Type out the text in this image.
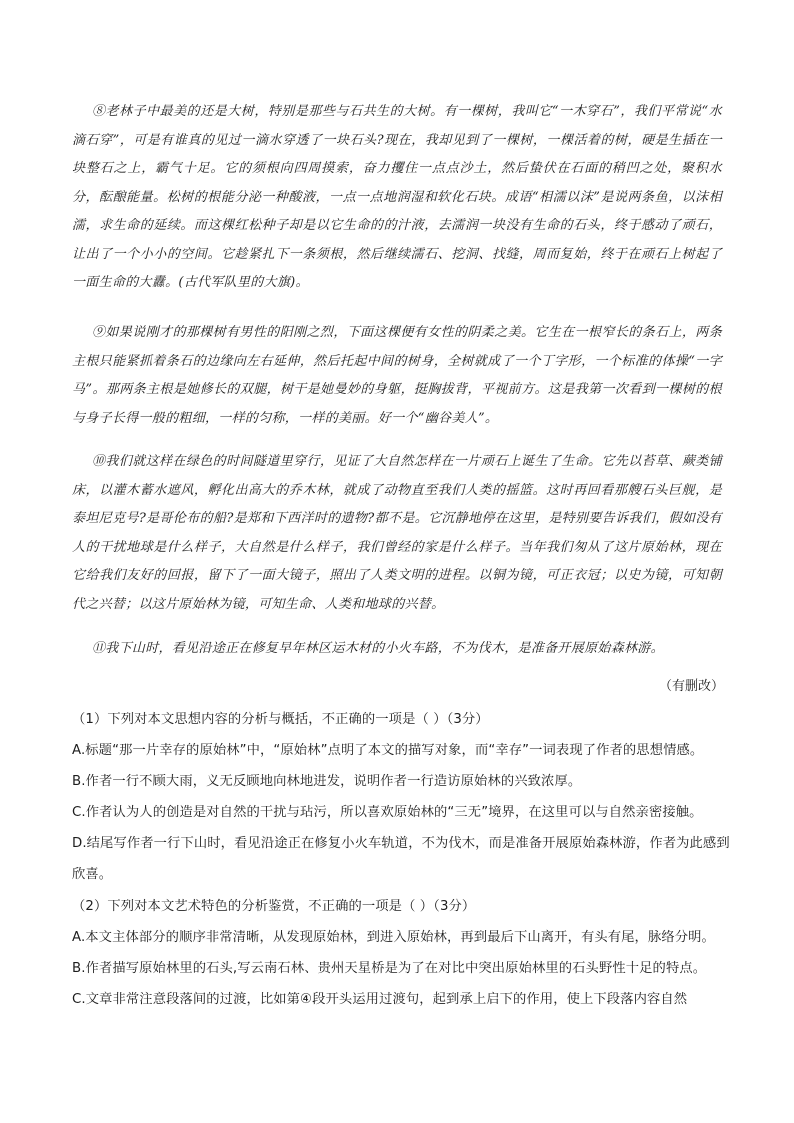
⑧老林子中最美的还是大树，特别是那些与石共生的大树。有一棵树，我叫它“一木穿石”，我们平常说“水滴石穿”，可是有谁真的见过一滴水穿透了一块石头?现在，我却见到了一棵树，一棵活着的树，硬是生插在一块整石之上，霸气十足。它的须根向四周摸索，奋力攫住一点点沙土，然后蛰伏在石面的稍凹之处，聚积水分，酝酿能量。松树的根能分泌一种酸液，一点一点地润湿和软化石块。成语“相濡以沫”是说两条鱼，以沫相濡，求生命的延续。而这棵红松种子却是以它生命的的汁液，去濡润一块没有生命的石头，终于感动了顽石，让出了一个小小的空间。它趁紧扎下一条须根，然后继续濡石、挖洞、找缝，周而复始，终于在顽石上树起了一面生命的大纛。(古代军队里的大旗)。
⑨如果说刚才的那棵树有男性的阳刚之烈，下面这棵便有女性的阴柔之美。它生在一根窄长的条石上，两条主根只能紧抓着条石的边缘向左右延伸，然后托起中间的树身，全树就成了一个丁字形，一个标准的体操“一字马”。那两条主根是她修长的双腿，树干是她曼妙的身躯，挺胸拔背，平视前方。这是我第一次看到一棵树的根与身子长得一般的粗细，一样的匀称，一样的美丽。好一个“幽谷美人”。
⑩我们就这样在绿色的时间隧道里穿行，见证了大自然怎样在一片顽石上诞生了生命。它先以苔草、蕨类铺床，以灌木蓄水遮风，孵化出高大的乔木林，就成了动物直至我们人类的摇篮。这时再回看那艘石头巨舰，是泰坦尼克号?是哥伦布的船?是郑和下西洋时的遗物?都不是。它沉静地停在这里，是特别要告诉我们，假如没有人的干扰地球是什么样子，大自然是什么样子，我们曾经的家是什么样子。当年我们匆从了这片原始林，现在它给我们友好的回报，留下了一面大镜子，照出了人类文明的进程。以铜为镜，可正衣冠；以史为镜，可知朝代之兴替；以这片原始林为镜，可知生命、人类和地球的兴替。
⑪我下山时，看见沿途正在修复早年林区运木材的小火车路，不为伐木，是准备开展原始森林游。
（有删改）
（1）下列对本文思想内容的分析与概括，不正确的一项是（ ）（3分）
A.标题“那一片幸存的原始林”中，“原始林”点明了本文的描写对象，而“幸存”一词表现了作者的思想情感。
B.作者一行不顾大雨，义无反顾地向林地进发，说明作者一行造访原始林的兴致浓厚。
C.作者认为人的创造是对自然的干扰与玷污，所以喜欢原始林的“三无”境界，在这里可以与自然亲密接触。
D.结尾写作者一行下山时，看见沿途正在修复小火车轨道，不为伐木，而是准备开展原始森林游，作者为此感到欣喜。
（2）下列对本文艺术特色的分析鉴赏，不正确的一项是（ ）（3分）
A.本文主体部分的顺序非常清晰，从发现原始林，到进入原始林，再到最后下山离开，有头有尾，脉络分明。
B.作者描写原始林里的石头,写云南石林、贵州天星桥是为了在对比中突出原始林里的石头野性十足的特点。
C.文章非常注意段落间的过渡，比如第④段开头运用过渡句，起到承上启下的作用，使上下段落内容自然
